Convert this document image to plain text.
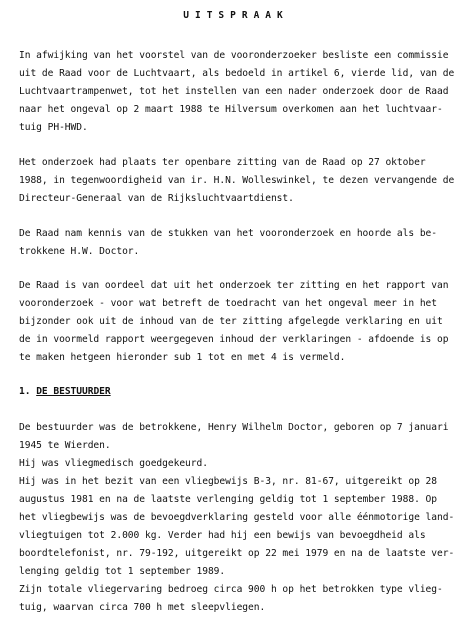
UITSPRAAK
In afwijking van het voorstel van de vooronderzoeker besliste een commissie
uit de Raad voor de Luchtvaart, als bedoeld in artikel 6, vierde lid, van de
Luchtvaartrampenwet, tot het instellen van een nader onderzoek door de Raad
naar het ongeval op 2 maart 1988 te Hilversum overkomen aan het luchtvaar-
tuig PH-HWD.
Het onderzoek had plaats ter openbare zitting van de Raad op 27 oktober
1988, in tegenwoordigheid van ir. H.N. Wolleswinkel, te dezen vervangende de
Directeur-Generaal van de Rijksluchtvaartdienst.
De Raad nam kennis van de stukken van het vooronderzoek en hoorde als be-
trokkene H.W. Doctor.
De Raad is van oordeel dat uit het onderzoek ter zitting en het rapport van
vooronderzoek - voor wat betreft de toedracht van het ongeval meer in het
bijzonder ook uit de inhoud van de ter zitting afgelegde verklaring en uit
de in voormeld rapport weergegeven inhoud der verklaringen - afdoende is op
te maken hetgeen hieronder sub 1 tot en met 4 is vermeld.
1. DE BESTUURDER
De bestuurder was de betrokkene, Henry Wilhelm Doctor, geboren op 7 januari
1945 te Wierden.
Hij was vliegmedisch goedgekeurd.
Hij was in het bezit van een vliegbewijs B-3, nr. 81-67, uitgereikt op 28
augustus 1981 en na de laatste verlenging geldig tot 1 september 1988. Op
het vliegbewijs was de bevoegdverklaring gesteld voor alle éénmotorige land-
vliegtuigen tot 2.000 kg. Verder had hij een bewijs van bevoegdheid als
boordtelefonist, nr. 79-192, uitgereikt op 22 mei 1979 en na de laatste ver-
lenging geldig tot 1 september 1989.
Zijn totale vliegervaring bedroeg circa 900 h op het betrokken type vlieg-
tuig, waarvan circa 700 h met sleepvliegen.
